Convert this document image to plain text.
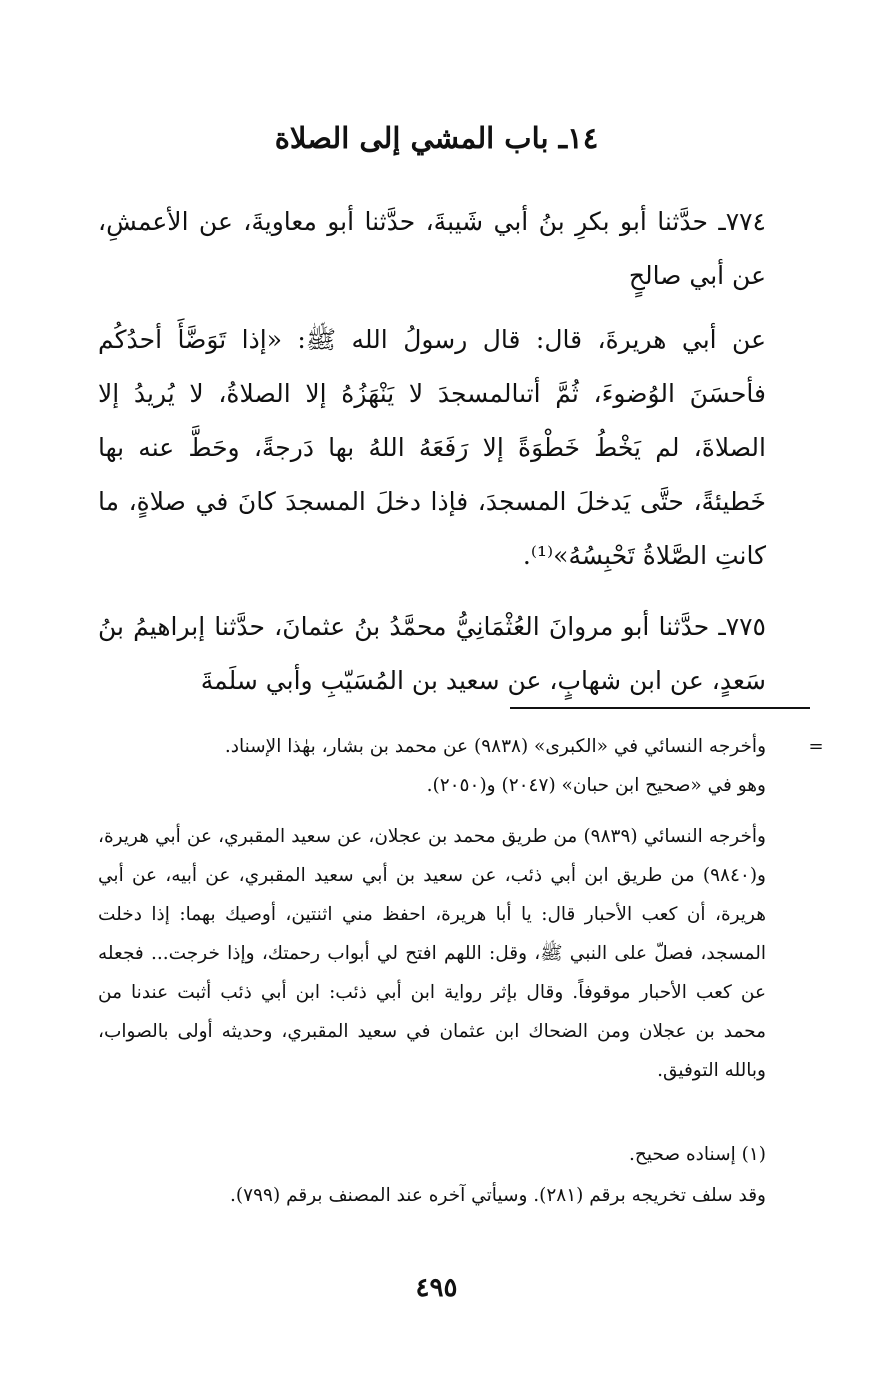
١٤ـ باب المشي إلى الصلاة

٧٧٤ـ حدَّثنا أبو بكرِ بنُ أبي شَيبةَ، حدَّثنا أبو معاويةَ، عن الأعمشِ، عن أبي صالحٍ

عن أبي هريرةَ، قال: قال رسولُ الله ﷺ: «إذا تَوَضَّأَ أحدُكُم فأحسَنَ الوُضوءَ، ثُمَّ أتىالمسجدَ لا يَنْهَزُهُ إلا الصلاةُ، لا يُريدُ إلا الصلاةَ، لم يَخْطُ خَطْوَةً إلا رَفَعَهُ اللهُ بها دَرجةً، وحَطَّ عنه بها خَطيئةً، حتَّى يَدخلَ المسجدَ، فإذا دخلَ المسجدَ كانَ في صلاةٍ، ما كانتِ الصَّلاةُ تَحْبِسُهُ»⁽¹⁾.

٧٧٥ـ حدَّثنا أبو مروانَ العُثْمَانِيُّ محمَّدُ بنُ عثمانَ، حدَّثنا إبراهيمُ بنُ سَعدٍ، عن ابن شهابٍ، عن سعيد بن المُسَيّبِ وأبي سلَمةَ

=

وأخرجه النسائي في «الكبرى» (٩٨٣٨) عن محمد بن بشار، بهٰذا الإسناد.

وهو في «صحيح ابن حبان» (٢٠٤٧) و(٢٠٥٠).

وأخرجه النسائي (٩٨٣٩) من طريق محمد بن عجلان، عن سعيد المقبري، عن أبي هريرة، و(٩٨٤٠) من طريق ابن أبي ذئب، عن سعيد بن أبي سعيد المقبري، عن أبيه، عن أبي هريرة، أن كعب الأحبار قال: يا أبا هريرة، احفظ مني اثنتين، أوصيك بهما: إذا دخلت المسجد، فصلّ على النبي ﷺ، وقل: اللهم افتح لي أبواب رحمتك، وإذا خرجت... فجعله عن كعب الأحبار موقوفاً. وقال بإثر رواية ابن أبي ذئب: ابن أبي ذئب أثبت عندنا من محمد بن عجلان ومن الضحاك ابن عثمان في سعيد المقبري، وحديثه أولى بالصواب، وبالله التوفيق.

(١) إسناده صحيح.

وقد سلف تخريجه برقم (٢٨١). وسيأتي آخره عند المصنف برقم (٧٩٩).

٤٩٥
